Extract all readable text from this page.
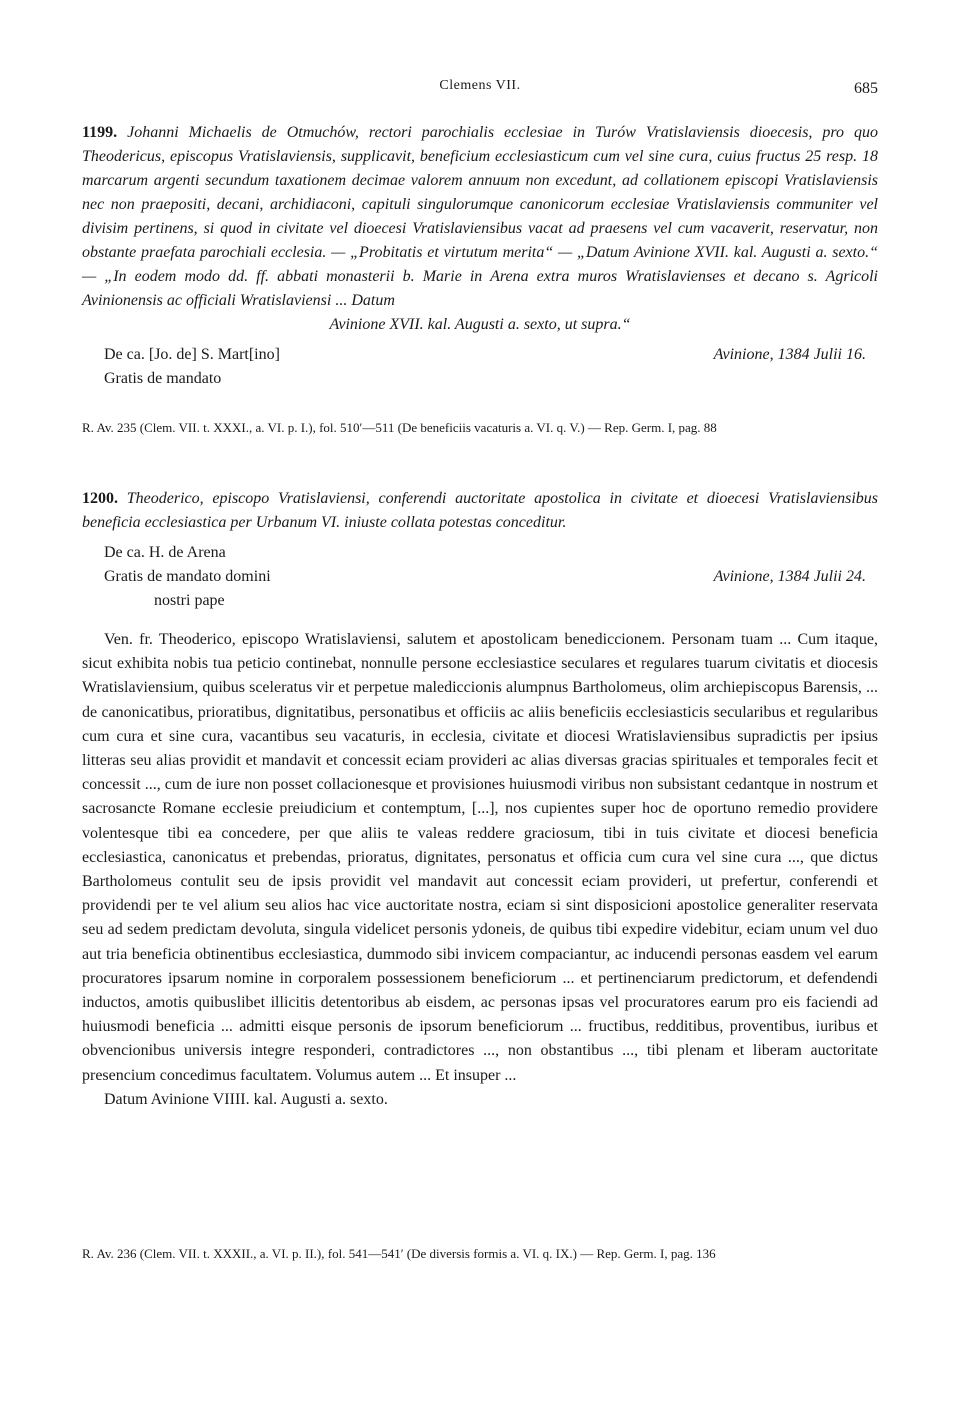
Clemens VII.	685

1199. Johanni Michaelis de Otmuchów, rectori parochialis ecclesiae in Turów Vratislaviensis dioecesis, pro quo Theodericus, episcopus Vratislaviensis, supplicavit, beneficium ecclesiasticum cum vel sine cura, cuius fructus 25 resp. 18 marcarum argenti secundum taxationem decimae valorem annuum non excedunt, ad collationem episcopi Vratislaviensis nec non praepositi, decani, archidiaconi, capituli singulorumque canonicorum ecclesiae Vratislaviensis communiter vel divisim pertinens, si quod in civitate vel dioecesi Vratislaviensibus vacat ad praesens vel cum vacaverit, reservatur, non obstante praefata parochiali ecclesia. — „Probitatis et virtutum merita“ — „Datum Avinione XVII. kal. Augusti a. sexto.“ — „In eodem modo dd. ff. abbati monasterii b. Marie in Arena extra muros Wratislavienses et decano s. Agricoli Avinionensis ac officiali Wratislaviensi ... Datum

Avinione XVII. kal. Augusti a. sexto, ut supra.“

De ca. [Jo. de] S. Mart[ino]	Avinione, 1384 Julii 16.
Gratis de mandato

R. Av. 235 (Clem. VII. t. XXXI., a. VI. p. I.), fol. 510′—511 (De beneficiis vacaturis a. VI. q. V.) — Rep. Germ. I, pag. 88

1200. Theoderico, episcopo Vratislaviensi, conferendi auctoritate apostolica in civitate et dioecesi Vratislaviensibus beneficia ecclesiastica per Urbanum VI. iniuste collata potestas conceditur.

De ca. H. de Arena
Gratis de mandato domini	Avinione, 1384 Julii 24.
nostri pape

Ven. fr. Theoderico, episcopo Wratislaviensi, salutem et apostolicam benedicciοnem. Personam tuam ... Cum itaque, sicut exhibita nobis tua peticio continebat, nonnulle persone ecclesiastice seculares et regulares tuarum civitatis et diocesis Wratislaviensium, quibus sceleratus vir et perpetue malediccionis alumpnus Bartholomeus, olim archiepiscopus Barensis, ... de canonicatibus, prioratibus, dignitatibus, personatibus et officiis ac aliis beneficiis ecclesiasticis secularibus et regularibus cum cura et sine cura, vacantibus seu vacaturis, in ecclesia, civitate et diocesi Wratislaviensibus supradictis per ipsius litteras seu alias providit et mandavit et concessit eciam provideri ac alias diversas gracias spirituales et temporales fecit et concessit ..., cum de iure non posset collacionesque et provisiones huiusmodi viribus non subsistant cedantque in nostrum et sacrosancte Romane ecclesie preiudicium et contemptum, [...], nos cupientes super hoc de oportuno remedio providere volentesque tibi ea concedere, per que aliis te valeas reddere graciosum, tibi in tuis civitate et diocesi beneficia ecclesiastica, canonicatus et prebendas, prioratus, dignitates, personatus et officia cum cura vel sine cura ..., que dictus Bartholomeus contulit seu de ipsis providit vel mandavit aut concessit eciam provideri, ut prefertur, conferendi et providendi per te vel alium seu alios hac vice auctoritate nostra, eciam si sint disposicioni apostolice generaliter reservata seu ad sedem predictam devoluta, singula videlicet personis ydoneis, de quibus tibi expedire videbitur, eciam unum vel duo aut tria beneficia obtinentibus ecclesiastica, dummodo sibi invicem compaciantur, ac inducendi personas easdem vel earum procuratores ipsarum nomine in corporalem possessionem beneficiorum ... et pertinenciarum predictorum, et defendendi inductos, amotis quibuslibet illicitis detentoribus ab eisdem, ac personas ipsas vel procuratores earum pro eis faciendi ad huiusmodi beneficia ... admitti eisque personis de ipsorum beneficiorum ... fructibus, redditibus, proventibus, iuribus et obvencionibus universis integre responderi, contradictores ..., non obstantibus ..., tibi plenam et liberam auctoritate presencium concedimus facultatem. Volumus autem ... Et insuper ...

Datum Avinione VIIII. kal. Augusti a. sexto.

R. Av. 236 (Clem. VII. t. XXXII., a. VI. p. II.), fol. 541—541′ (De diversis formis a. VI. q. IX.) — Rep. Germ. I, pag. 136
